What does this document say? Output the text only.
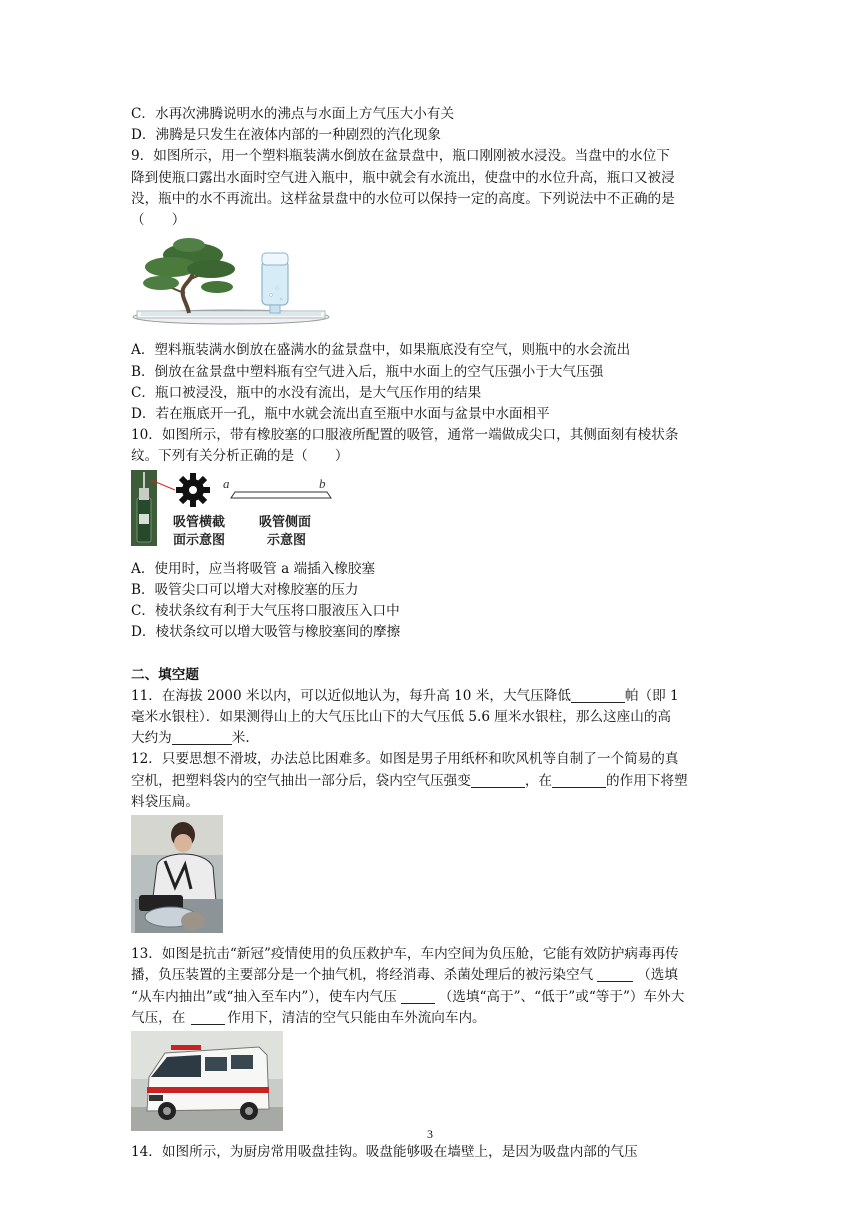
C．水再次沸腾说明水的沸点与水面上方气压大小有关
D．沸腾是只发生在液体内部的一种剧烈的汽化现象
9．如图所示，用一个塑料瓶装满水倒放在盆景盘中，瓶口刚刚被水浸没。当盘中的水位下
降到使瓶口露出水面时空气进入瓶中，瓶中就会有水流出，使盘中的水位升高，瓶口又被浸
没，瓶中的水不再流出。这样盆景盘中的水位可以保持一定的高度。下列说法中不正确的是
（　　）
A．塑料瓶装满水倒放在盛满水的盆景盘中，如果瓶底没有空气，则瓶中的水会流出
B．倒放在盆景盘中塑料瓶有空气进入后，瓶中水面上的空气压强小于大气压强
C．瓶口被浸没，瓶中的水没有流出，是大气压作用的结果
D．若在瓶底开一孔，瓶中水就会流出直至瓶中水面与盆景中水面相平
10．如图所示，带有橡胶塞的口服液所配置的吸管，通常一端做成尖口，其侧面刻有棱状条
纹。下列有关分析正确的是（　　）
a	b
吸管横截
面示意图
吸管侧面
示意图
A．使用时，应当将吸管 a 端插入橡胶塞
B．吸管尖口可以增大对橡胶塞的压力
C．棱状条纹有利于大气压将口服液压入口中
D．棱状条纹可以增大吸管与橡胶塞间的摩擦
二、填空题
11．在海拔 2000 米以内，可以近似地认为，每升高 10 米，大气压降低	帕（即 1
毫米水银柱）．如果测得山上的大气压比山下的大气压低 5.6 厘米水银柱，那么这座山的高
大约为	米.
12．只要思想不滑坡，办法总比困难多。如图是男子用纸杯和吹风机等自制了一个简易的真
空机，把塑料袋内的空气抽出一部分后，袋内空气压强变	，在	的作用下将塑
料袋压扁。
13．如图是抗击“新冠”疫情使用的负压救护车，车内空间为负压舱，它能有效防护病毒再传
播，负压装置的主要部分是一个抽气机，将经消毒、杀菌处理后的被污染空气	（选填
“从车内抽出”或“抽入至车内”），使车内气压	（选填“高于”、“低于”或“等于”）车外大
气压，在	作用下，清洁的空气只能由车外流向车内。
14．如图所示，为厨房常用吸盘挂钩。吸盘能够吸在墙壁上，是因为吸盘内部的气压
3
